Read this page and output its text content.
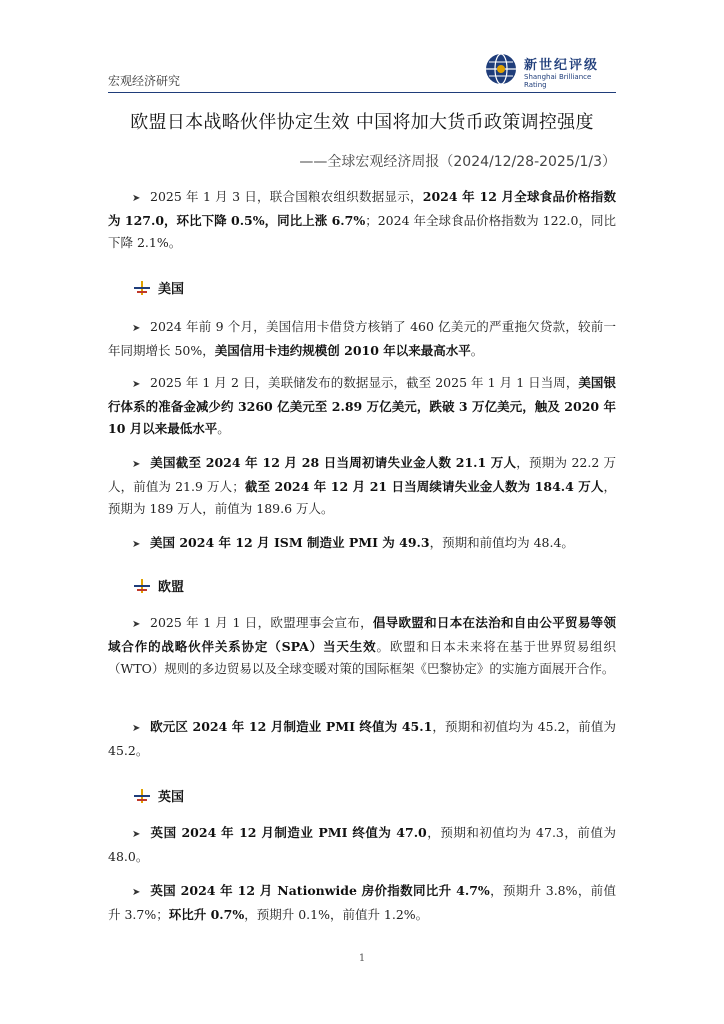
宏观经济研究
新世纪评级
Shanghai Brilliance Rating
欧盟日本战略伙伴协定生效 中国将加大货币政策调控强度
——全球宏观经济周报（2024/12/28-2025/1/3）
➤ 2025 年 1 月 3 日，联合国粮农组织数据显示，2024 年 12 月全球食品价格指数为 127.0，环比下降 0.5%，同比上涨 6.7%；2024 年全球食品价格指数为 122.0，同比下降 2.1%。
美国
➤ 2024 年前 9 个月，美国信用卡借贷方核销了 460 亿美元的严重拖欠贷款，较前一年同期增长 50%，美国信用卡违约规模创 2010 年以来最高水平。
➤ 2025 年 1 月 2 日，美联储发布的数据显示，截至 2025 年 1 月 1 日当周，美国银行体系的准备金减少约 3260 亿美元至 2.89 万亿美元，跌破 3 万亿美元，触及 2020 年 10 月以来最低水平。
➤ 美国截至 2024 年 12 月 28 日当周初请失业金人数 21.1 万人，预期为 22.2 万人，前值为 21.9 万人；截至 2024 年 12 月 21 日当周续请失业金人数为 184.4 万人，预期为 189 万人，前值为 189.6 万人。
➤ 美国 2024 年 12 月 ISM 制造业 PMI 为 49.3，预期和前值均为 48.4。
欧盟
➤ 2025 年 1 月 1 日，欧盟理事会宣布，倡导欧盟和日本在法治和自由公平贸易等领域合作的战略伙伴关系协定（SPA）当天生效。欧盟和日本未来将在基于世界贸易组织（WTO）规则的多边贸易以及全球变暖对策的国际框架《巴黎协定》的实施方面展开合作。
➤ 欧元区 2024 年 12 月制造业 PMI 终值为 45.1，预期和初值均为 45.2，前值为 45.2。
英国
➤ 英国 2024 年 12 月制造业 PMI 终值为 47.0，预期和初值均为 47.3，前值为 48.0。
➤ 英国 2024 年 12 月 Nationwide 房价指数同比升 4.7%，预期升 3.8%，前值升 3.7%；环比升 0.7%，预期升 0.1%，前值升 1.2%。
1
